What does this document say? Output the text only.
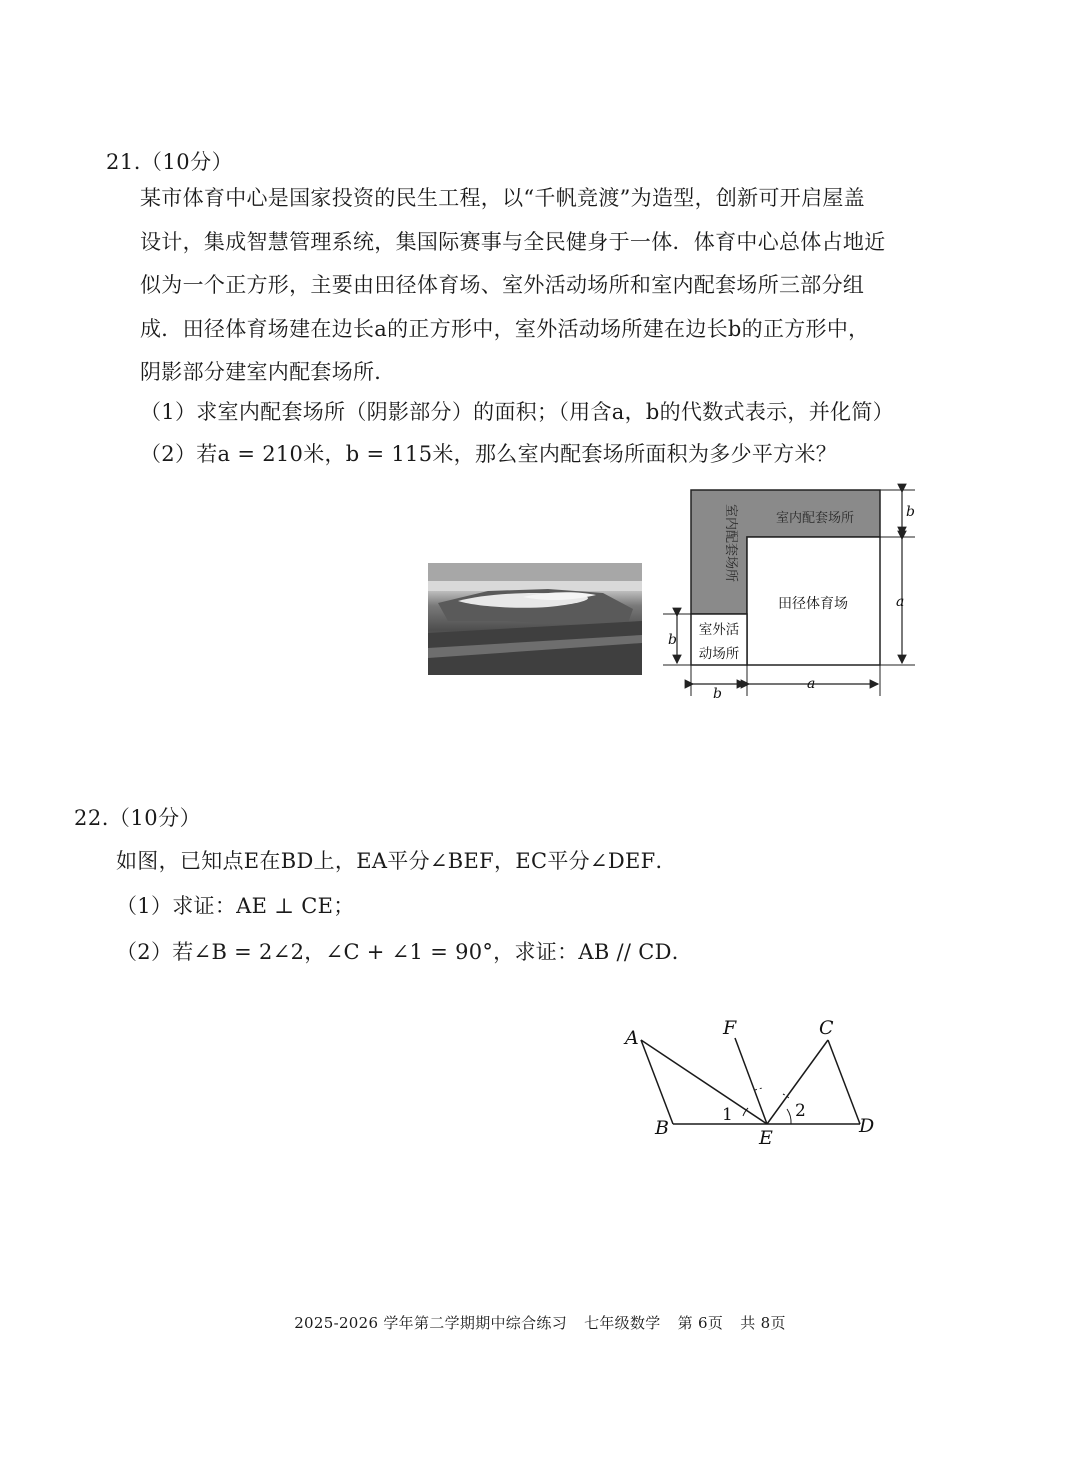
21.（10分）
某市体育中心是国家投资的民生工程，以“千帆竞渡”为造型，创新可开启屋盖
设计，集成智慧管理系统，集国际赛事与全民健身于一体．体育中心总体占地近
似为一个正方形，主要由田径体育场、室外活动场所和室内配套场所三部分组
成．田径体育场建在边长a的正方形中，室外活动场所建在边长b的正方形中，
阴影部分建室内配套场所．
（1）求室内配套场所（阴影部分）的面积；（用含a，b的代数式表示，并化简）
（2）若a = 210米，b = 115米，那么室内配套场所面积为多少平方米？
室内配套场所
室内配套场所
田径体育场
室外活
动场所
b
a
b
b
a
22.（10分）
如图，已知点E在BD上，EA平分∠BEF，EC平分∠DEF．
（1）求证：AE ⊥ CE；
（2）若∠B = 2∠2，∠C + ∠1 = 90°，求证：AB // CD．
A
B
C
D
E
F
1	2
2025-2026 学年第二学期期中综合练习 七年级数学 第 6页 共 8页
